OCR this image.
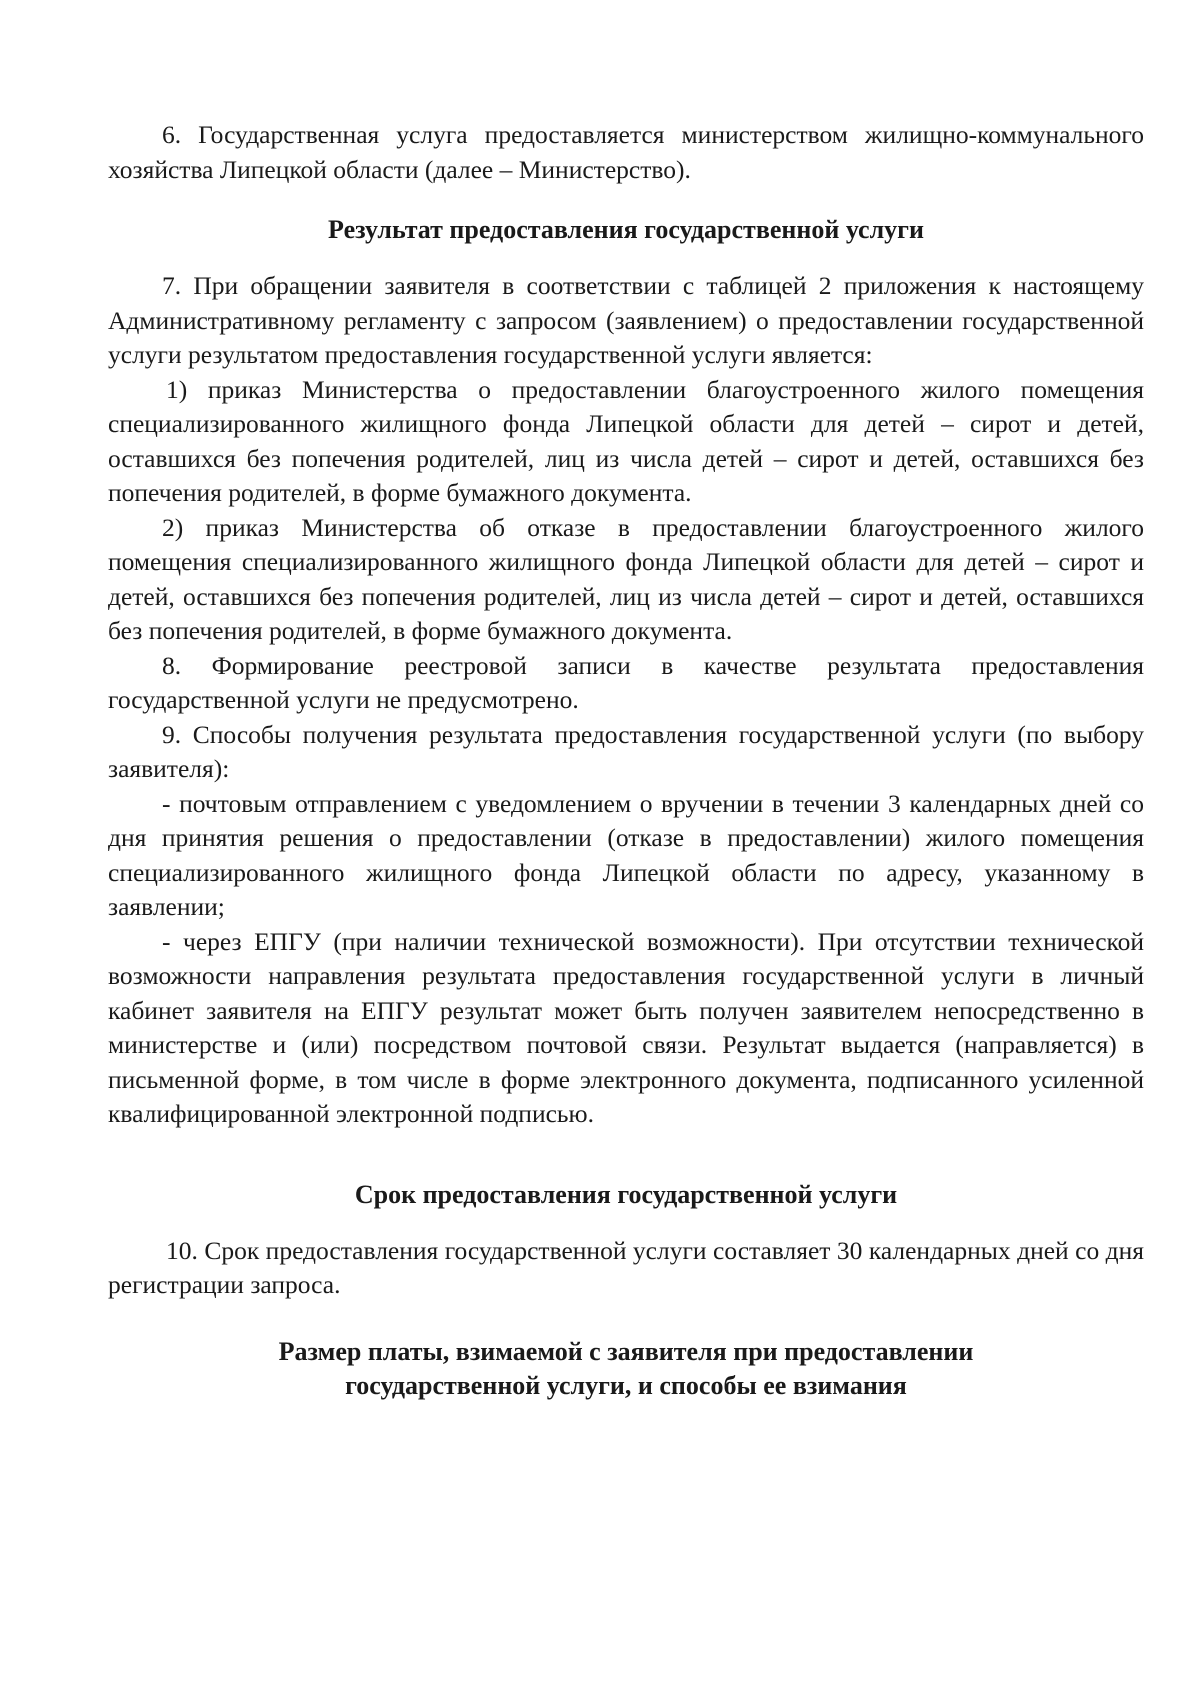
6. Государственная услуга предоставляется министерством жилищно-коммунального хозяйства Липецкой области (далее – Министерство).

Результат предоставления государственной услуги

7. При обращении заявителя в соответствии с таблицей 2 приложения к настоящему Административному регламенту с запросом (заявлением) о предоставлении государственной услуги результатом предоставления государственной услуги является:

1) приказ Министерства о предоставлении благоустроенного жилого помещения специализированного жилищного фонда Липецкой области для детей – сирот и детей, оставшихся без попечения родителей, лиц из числа детей – сирот и детей, оставшихся без попечения родителей, в форме бумажного документа.

2) приказ Министерства об отказе в предоставлении благоустроенного жилого помещения специализированного жилищного фонда Липецкой области для детей – сирот и детей, оставшихся без попечения родителей, лиц из числа детей – сирот и детей, оставшихся без попечения родителей, в форме бумажного документа.

8. Формирование реестровой записи в качестве результата предоставления государственной услуги не предусмотрено.

9. Способы получения результата предоставления государственной услуги (по выбору заявителя):

- почтовым отправлением с уведомлением о вручении в течении 3 календарных дней со дня принятия решения о предоставлении (отказе в предоставлении) жилого помещения специализированного жилищного фонда Липецкой области по адресу, указанному в заявлении;

- через ЕПГУ (при наличии технической возможности). При отсутствии технической возможности направления результата предоставления государственной услуги в личный кабинет заявителя на ЕПГУ результат может быть получен заявителем непосредственно в министерстве и (или) посредством почтовой связи. Результат выдается (направляется) в письменной форме, в том числе в форме электронного документа, подписанного усиленной квалифицированной электронной подписью.

Срок предоставления государственной услуги

10. Срок предоставления государственной услуги составляет 30 календарных дней со дня регистрации запроса.

Размер платы, взимаемой с заявителя при предоставлении
государственной услуги, и способы ее взимания
